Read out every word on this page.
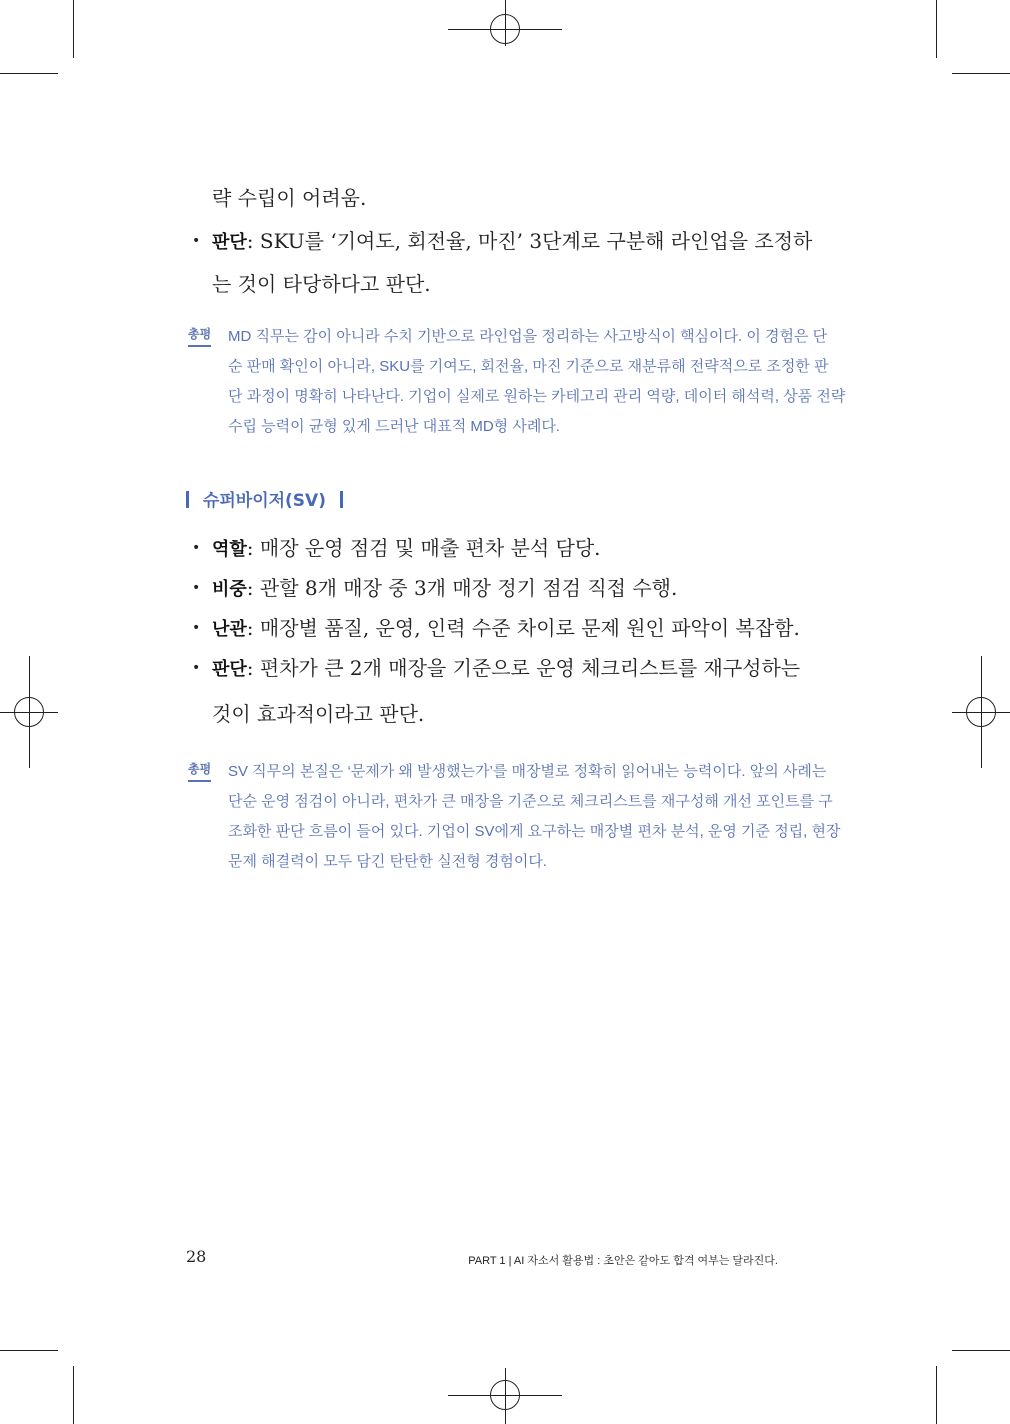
략 수립이 어려움.
• 판단: SKU를 ‘기여도, 회전율, 마진’ 3단계로 구분해 라인업을 조정하
는 것이 타당하다고 판단.
총평 MD 직무는 감이 아니라 수치 기반으로 라인업을 정리하는 사고방식이 핵심이다. 이 경험은 단
순 판매 확인이 아니라, SKU를 기여도, 회전율, 마진 기준으로 재분류해 전략적으로 조정한 판
단 과정이 명확히 나타난다. 기업이 실제로 원하는 카테고리 관리 역량, 데이터 해석력, 상품 전략
수립 능력이 균형 있게 드러난 대표적 MD형 사례다.
슈퍼바이저(SV)
• 역할: 매장 운영 점검 및 매출 편차 분석 담당.
• 비중: 관할 8개 매장 중 3개 매장 정기 점검 직접 수행.
• 난관: 매장별 품질, 운영, 인력 수준 차이로 문제 원인 파악이 복잡함.
• 판단: 편차가 큰 2개 매장을 기준으로 운영 체크리스트를 재구성하는
것이 효과적이라고 판단.
총평 SV 직무의 본질은 ‘문제가 왜 발생했는가’를 매장별로 정확히 읽어내는 능력이다. 앞의 사례는
단순 운영 점검이 아니라, 편차가 큰 매장을 기준으로 체크리스트를 재구성해 개선 포인트를 구
조화한 판단 흐름이 들어 있다. 기업이 SV에게 요구하는 매장별 편차 분석, 운영 기준 정립, 현장
문제 해결력이 모두 담긴 탄탄한 실전형 경험이다.
28	PART 1 | AI 자소서 활용법 : 초안은 같아도 합격 여부는 달라진다.
